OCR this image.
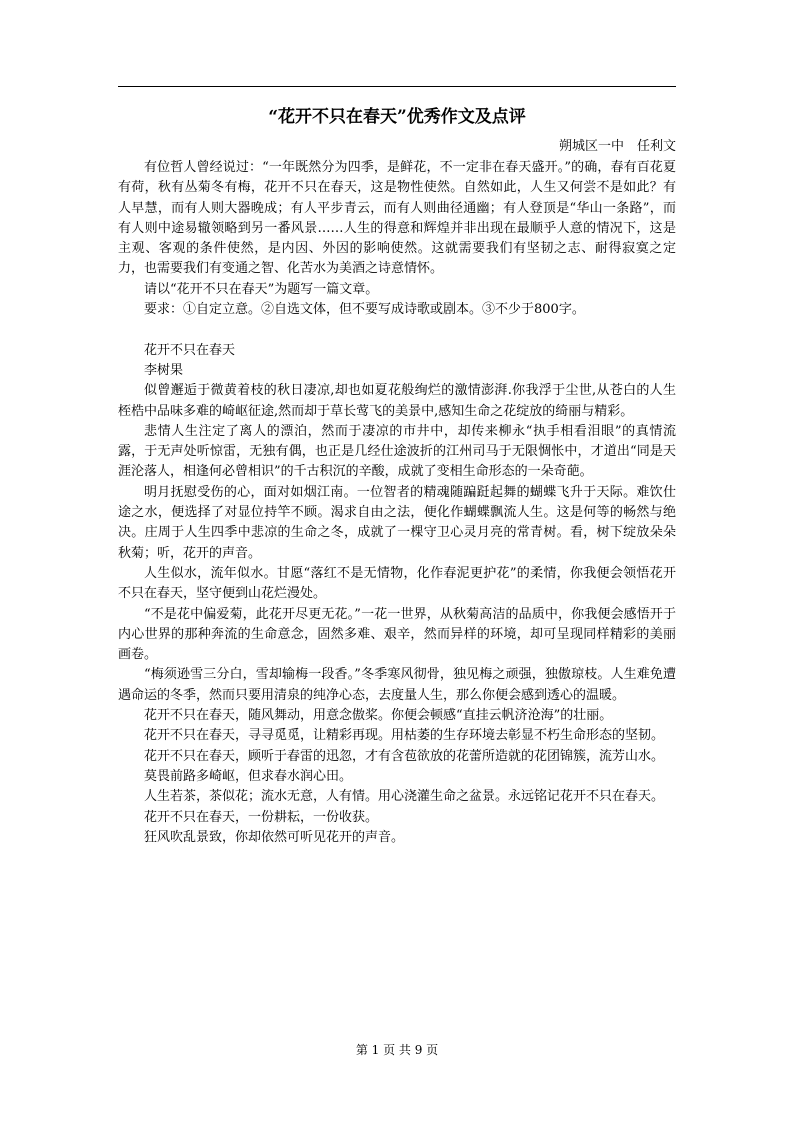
“花开不只在春天”优秀作文及点评
朔城区一中　任利文

有位哲人曾经说过：“一年既然分为四季，是鲜花，不一定非在春天盛开。”的确，春有百花夏有荷，秋有丛菊冬有梅，花开不只在春天，这是物性使然。自然如此，人生又何尝不是如此？有人早慧，而有人则大器晚成；有人平步青云，而有人则曲径通幽；有人登顶是“华山一条路”，而有人则中途易辙领略到另一番风景……人生的得意和辉煌并非出现在最顺乎人意的情况下，这是主观、客观的条件使然，是内因、外因的影响使然。这就需要我们有坚韧之志、耐得寂寞之定力，也需要我们有变通之智、化苦水为美酒之诗意情怀。

请以“花开不只在春天”为题写一篇文章。

要求：①自定立意。②自选文体，但不要写成诗歌或剧本。③不少于800字。

花开不只在春天

李树果

似曾邂逅于微黄着枝的秋日凄凉,却也如夏花般绚烂的激情澎湃.你我浮于尘世,从苍白的人生桎梏中品味多难的崎岖征途,然而却于草长莺飞的美景中,感知生命之花绽放的绮丽与精彩。

悲情人生注定了离人的漂泊，然而于凄凉的市井中，却传来柳永“执手相看泪眼”的真情流露，于无声处听惊雷，无独有偶，也正是几经仕途波折的江州司马于无限惆怅中，才道出“同是天涯沦落人，相逢何必曾相识”的千古积沉的辛酸，成就了变相生命形态的一朵奇葩。

明月抚慰受伤的心，面对如烟江南。一位智者的精魂随蹁跹起舞的蝴蝶飞升于天际。难饮仕途之水，便选择了对显位持竿不顾。渴求自由之法，便化作蝴蝶飘流人生。这是何等的畅然与绝决。庄周于人生四季中悲凉的生命之冬，成就了一棵守卫心灵月亮的常青树。看，树下绽放朵朵秋菊；听，花开的声音。

人生似水，流年似水。甘愿“落红不是无情物，化作春泥更护花”的柔情，你我便会领悟花开不只在春天，坚守便到山花烂漫处。

“不是花中偏爱菊，此花开尽更无花。”一花一世界，从秋菊高洁的品质中，你我便会感悟开于内心世界的那种奔流的生命意念，固然多难、艰辛，然而异样的环境，却可呈现同样精彩的美丽画卷。

“梅须逊雪三分白，雪却输梅一段香。”冬季寒风彻骨，独见梅之顽强，独傲琼枝。人生难免遭遇命运的冬季，然而只要用清泉的纯净心态，去度量人生，那么你便会感到透心的温暖。

花开不只在春天，随风舞动，用意念傲桨。你便会顿感“直挂云帆济沧海”的壮丽。

花开不只在春天，寻寻觅觅，让精彩再现。用枯萎的生存环境去彰显不朽生命形态的坚韧。

花开不只在春天，顾听于春雷的迅忽，才有含苞欲放的花蕾所造就的花团锦簇，流芳山水。

莫畏前路多崎岖，但求春水润心田。

人生若茶，茶似花；流水无意，人有情。用心浇灌生命之盆景。永远铭记花开不只在春天。

花开不只在春天，一份耕耘，一份收获。

狂风吹乱景致，你却依然可听见花开的声音。

第 1 页 共 9 页
